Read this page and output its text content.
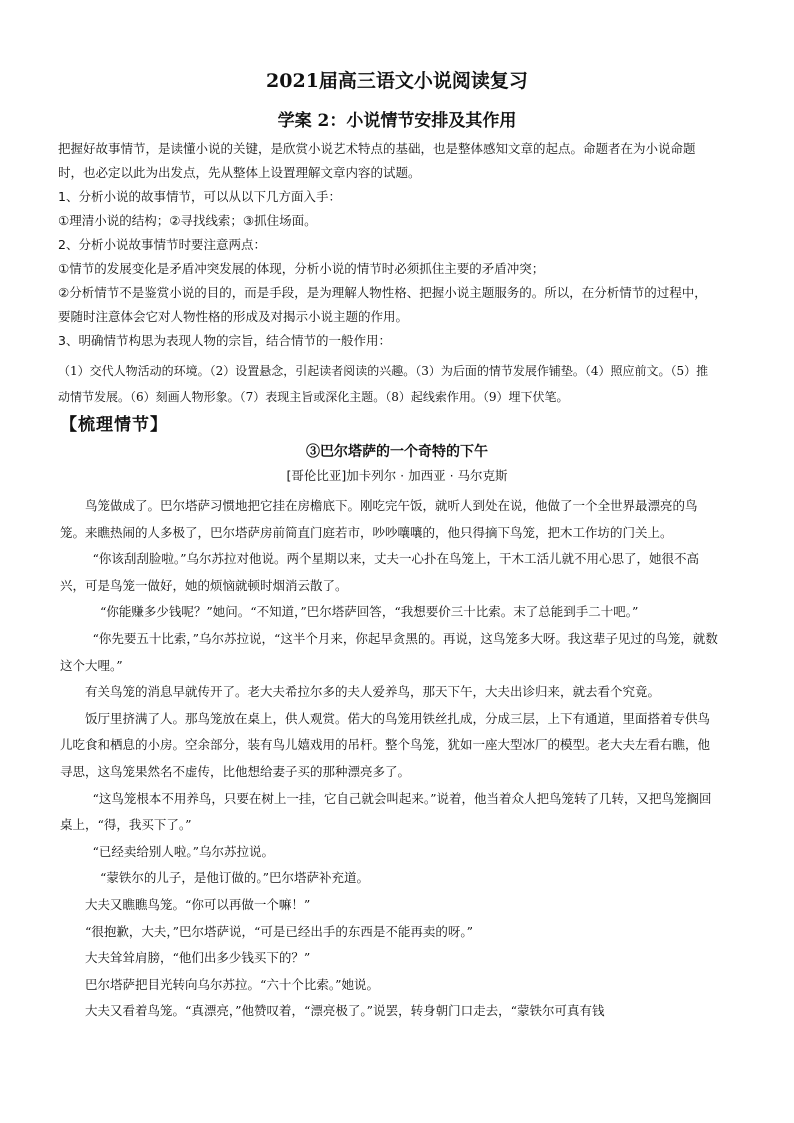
2021届高三语文小说阅读复习
学案 2：小说情节安排及其作用

把握好故事情节，是读懂小说的关键，是欣赏小说艺术特点的基础，也是整体感知文章的起点。命题者在为小说命题时，也必定以此为出发点，先从整体上设置理解文章内容的试题。

1、分析小说的故事情节，可以从以下几方面入手：

①理清小说的结构；②寻找线索；③抓住场面。

2、分析小说故事情节时要注意两点：

①情节的发展变化是矛盾冲突发展的体现，分析小说的情节时必须抓住主要的矛盾冲突；

②分析情节不是鉴赏小说的目的，而是手段，是为理解人物性格、把握小说主题服务的。所以，在分析情节的过程中，要随时注意体会它对人物性格的形成及对揭示小说主题的作用。

3、明确情节构思为表现人物的宗旨，结合情节的一般作用：

（1）交代人物活动的环境。（2）设置悬念，引起读者阅读的兴趣。（3）为后面的情节发展作铺垫。（4）照应前文。（5）推动情节发展。（6）刻画人物形象。（7）表现主旨或深化主题。（8）起线索作用。（9）埋下伏笔。

【梳理情节】
③巴尔塔萨的一个奇特的下午
[哥伦比亚]加卡列尔 · 加西亚 · 马尔克斯

鸟笼做成了。巴尔塔萨习惯地把它挂在房檐底下。刚吃完午饭，就听人到处在说，他做了一个全世界最漂亮的鸟笼。来瞧热闹的人多极了，巴尔塔萨房前简直门庭若市，吵吵嚷嚷的，他只得摘下鸟笼，把木工作坊的门关上。

“你该刮刮脸啦。”乌尔苏拉对他说。两个星期以来，丈夫一心扑在鸟笼上，干木工活儿就不用心思了，她很不高兴，可是鸟笼一做好，她的烦恼就顿时烟消云散了。

“你能赚多少钱呢？”她问。“不知道，”巴尔塔萨回答，“我想要价三十比索。末了总能到手二十吧。”

“你先要五十比索，”乌尔苏拉说，“这半个月来，你起早贪黑的。再说，这鸟笼多大呀。我这辈子见过的鸟笼，就数这个大哩。”

有关鸟笼的消息早就传开了。老大夫希拉尔多的夫人爱养鸟，那天下午，大夫出诊归来，就去看个究竟。

饭厅里挤满了人。那鸟笼放在桌上，供人观赏。偌大的鸟笼用铁丝扎成，分成三层，上下有通道，里面搭着专供鸟儿吃食和栖息的小房。空余部分，装有鸟儿嬉戏用的吊杆。整个鸟笼，犹如一座大型冰厂的模型。老大夫左看右瞧，他寻思，这鸟笼果然名不虚传，比他想给妻子买的那种漂亮多了。

“这鸟笼根本不用养鸟，只要在树上一挂，它自己就会叫起来。”说着，他当着众人把鸟笼转了几转，又把鸟笼搁回桌上，“得，我买下了。”

“已经卖给别人啦。”乌尔苏拉说。

“蒙铁尔的儿子，是他订做的。”巴尔塔萨补充道。

大夫又瞧瞧鸟笼。“你可以再做一个嘛！”

“很抱歉，大夫，”巴尔塔萨说，“可是已经出手的东西是不能再卖的呀。”

大夫耸耸肩膀，“他们出多少钱买下的？”

巴尔塔萨把目光转向乌尔苏拉。“六十个比索。”她说。

大夫又看着鸟笼。“真漂亮，”他赞叹着，“漂亮极了。”说罢，转身朝门口走去，“蒙铁尔可真有钱
